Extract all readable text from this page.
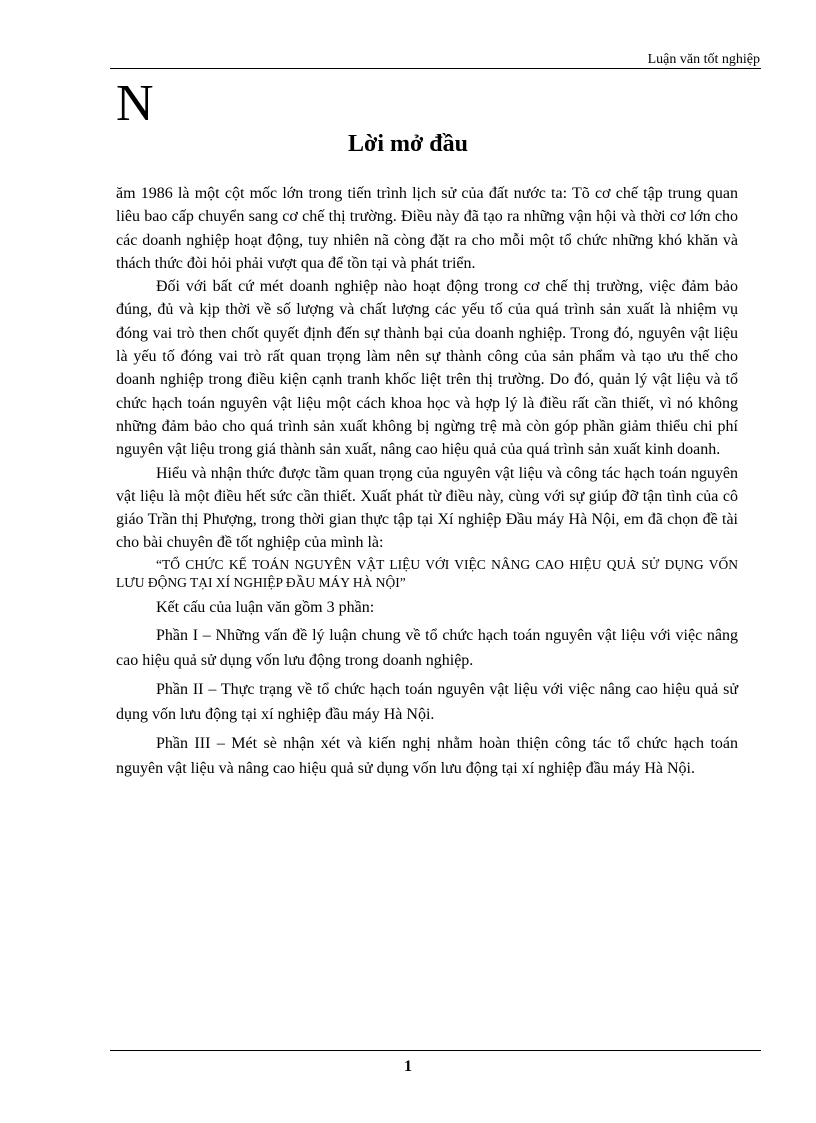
Luận văn tốt nghiệp
N
Lời mở đầu

ăm 1986 là một cột mốc lớn trong tiến trình lịch sử của đất nước ta: Tõ cơ chế tập trung quan liêu bao cấp chuyển sang cơ chế thị trường. Điều này đã tạo ra những vận hội và thời cơ lớn cho các doanh nghiệp hoạt động, tuy nhiên nã còng đặt ra cho mỗi một tổ chức những khó khăn và thách thức đòi hỏi phải vượt qua để tồn tại và phát triển.

Đối với bất cứ mét doanh nghiệp nào hoạt động trong cơ chế thị trường, việc đảm bảo đúng, đủ và kịp thời về số lượng và chất lượng các yếu tố của quá trình sản xuất là nhiệm vụ đóng vai trò then chốt quyết định đến sự thành bại của doanh nghiệp. Trong đó, nguyên vật liệu là yếu tố đóng vai trò rất quan trọng làm nên sự thành công của sản phẩm và tạo ưu thế cho doanh nghiệp trong điều kiện cạnh tranh khốc liệt trên thị trường. Do đó, quản lý vật liệu và tổ chức hạch toán nguyên vật liệu một cách khoa học và hợp lý là điều rất cần thiết, vì nó không những đảm bảo cho quá trình sản xuất không bị ngừng trệ mà còn góp phần giảm thiểu chi phí nguyên vật liệu trong giá thành sản xuất, nâng cao hiệu quả của quá trình sản xuất kinh doanh.

Hiểu và nhận thức được tầm quan trọng của nguyên vật liệu và công tác hạch toán nguyên vật liệu là một điều hết sức cần thiết. Xuất phát từ điều này, cùng với sự giúp đỡ tận tình của cô giáo Trần thị Phượng, trong thời gian thực tập tại Xí nghiệp Đầu máy Hà Nội, em đã chọn đề tài cho bài chuyên đề tốt nghiệp của mình là:

“TỔ CHỨC KẾ TOÁN NGUYÊN VẬT LIỆU VỚI VIỆC NÂNG CAO HIỆU QUẢ SỬ DỤNG VỐN LƯU ĐỘNG TẠI XÍ NGHIỆP ĐẦU MÁY HÀ NỘI”

Kết cấu của luận văn gồm 3 phần:

Phần I – Những vấn đề lý luận chung về tổ chức hạch toán nguyên vật liệu với việc nâng cao hiệu quả sử dụng vốn lưu động trong doanh nghiệp.

Phần II – Thực trạng về tổ chức hạch toán nguyên vật liệu với việc nâng cao hiệu quả sử dụng vốn lưu động tại xí nghiệp đầu máy Hà Nội.

Phần III – Mét sè nhận xét và kiến nghị nhằm hoàn thiện công tác tổ chức hạch toán nguyên vật liệu và nâng cao hiệu quả sử dụng vốn lưu động tại xí nghiệp đầu máy Hà Nội.

1
